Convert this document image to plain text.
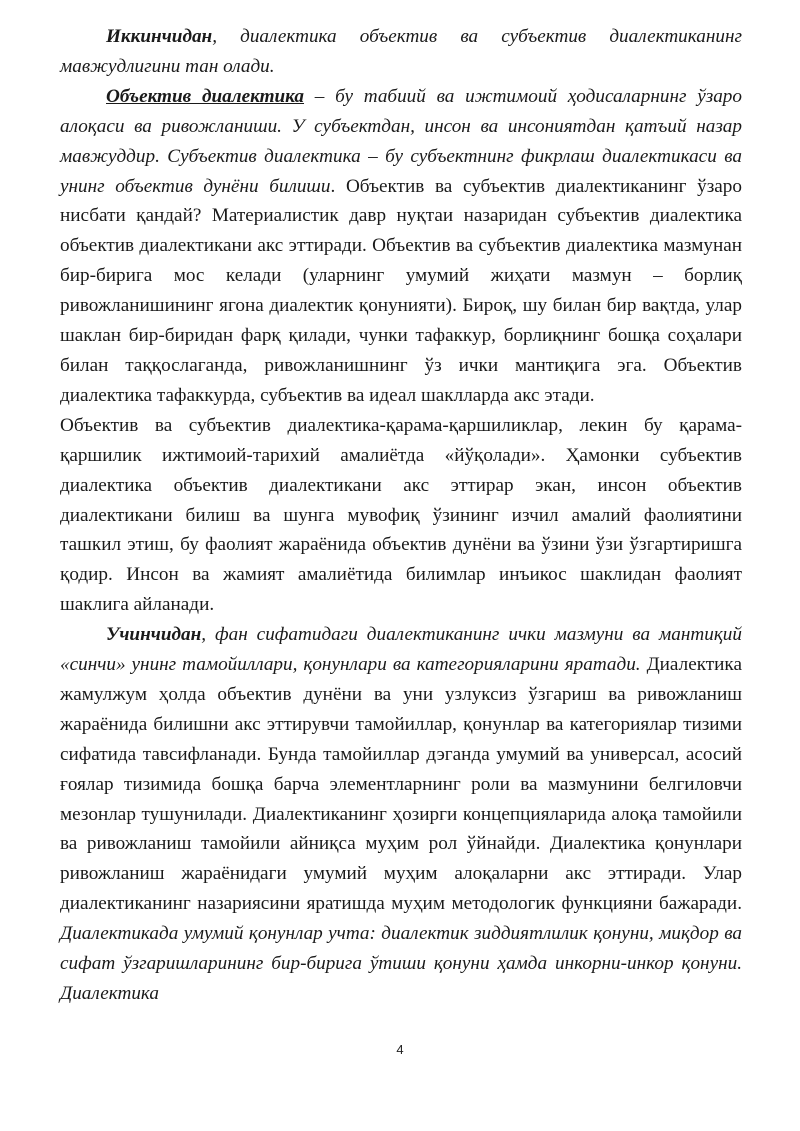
Иккинчидан, диалектика объектив ва субъектив диалектиканинг мавжудлигини тан олади.

Объектив диалектика – бу табиий ва ижтимоий ҳодисаларнинг ўзаро алоқаси ва ривожланиши. У субъектдан, инсон ва инсониятдан қатъий назар мавжуддир. Субъектив диалектика – бу субъектнинг фикрлаш диалектикаси ва унинг объектив дунёни билиши. Объектив ва субъектив диалектиканинг ўзаро нисбати қандай? Материалистик давр нуқтаи назаридан субъектив диалектика объектив диалектикани акс эттиради. Объектив ва субъектив диалектика мазмунан бир-бирига мос келади (уларнинг умумий жиҳати мазмун – борлиқ ривожланишининг ягона диалектик қонунияти). Бироқ, шу билан бир вақтда, улар шаклан бир-биридан фарқ қилади, чунки тафаккур, борлиқнинг бошқа соҳалари билан таққослаганда, ривожланишнинг ўз ички мантиқига эга. Объектив диалектика тафаккурда, субъектив ва идеал шаклларда акс этади.

Объектив ва субъектив диалектика-қарама-қаршиликлар, лекин бу қарама-қаршилик ижтимоий-тарихий амалиётда «йўқолади». Ҳамонки субъектив диалектика объектив диалектикани акс эттирар экан, инсон объектив диалектикани билиш ва шунга мувофиқ ўзининг изчил амалий фаолиятини ташкил этиш, бу фаолият жараёнида объектив дунёни ва ўзини ўзи ўзгартиришга қодир. Инсон ва жамият амалиётида билимлар инъикос шаклидан фаолият шаклига айланади.

Учинчидан, фан сифатидаги диалектиканинг ички мазмуни ва мантиқий «синчи» унинг тамойиллари, қонунлари ва категорияларини яратади. Диалектика жамулжум ҳолда объектив дунёни ва уни узлуксиз ўзгариш ва ривожланиш жараёнида билишни акс эттирувчи тамойиллар, қонунлар ва категориялар тизими сифатида тавсифланади. Бунда тамойиллар дэганда умумий ва универсал, асосий ғоялар тизимида бошқа барча элементларнинг роли ва мазмунини белгиловчи мезонлар тушунилади. Диалектиканинг ҳозирги концепцияларида алоқа тамойили ва ривожланиш тамойили айниқса муҳим рол ўйнайди. Диалектика қонунлари ривожланиш жараёнидаги умумий муҳим алоқаларни акс эттиради. Улар диалектиканинг назариясини яратишда муҳим методологик функцияни бажаради. Диалектикада умумий қонунлар учта: диалектик зиддиятлилик қонуни, миқдор ва сифат ўзгаришларининг бир-бирига ўтиши қонуни ҳамда инкорни-инкор қонуни. Диалектика

4
